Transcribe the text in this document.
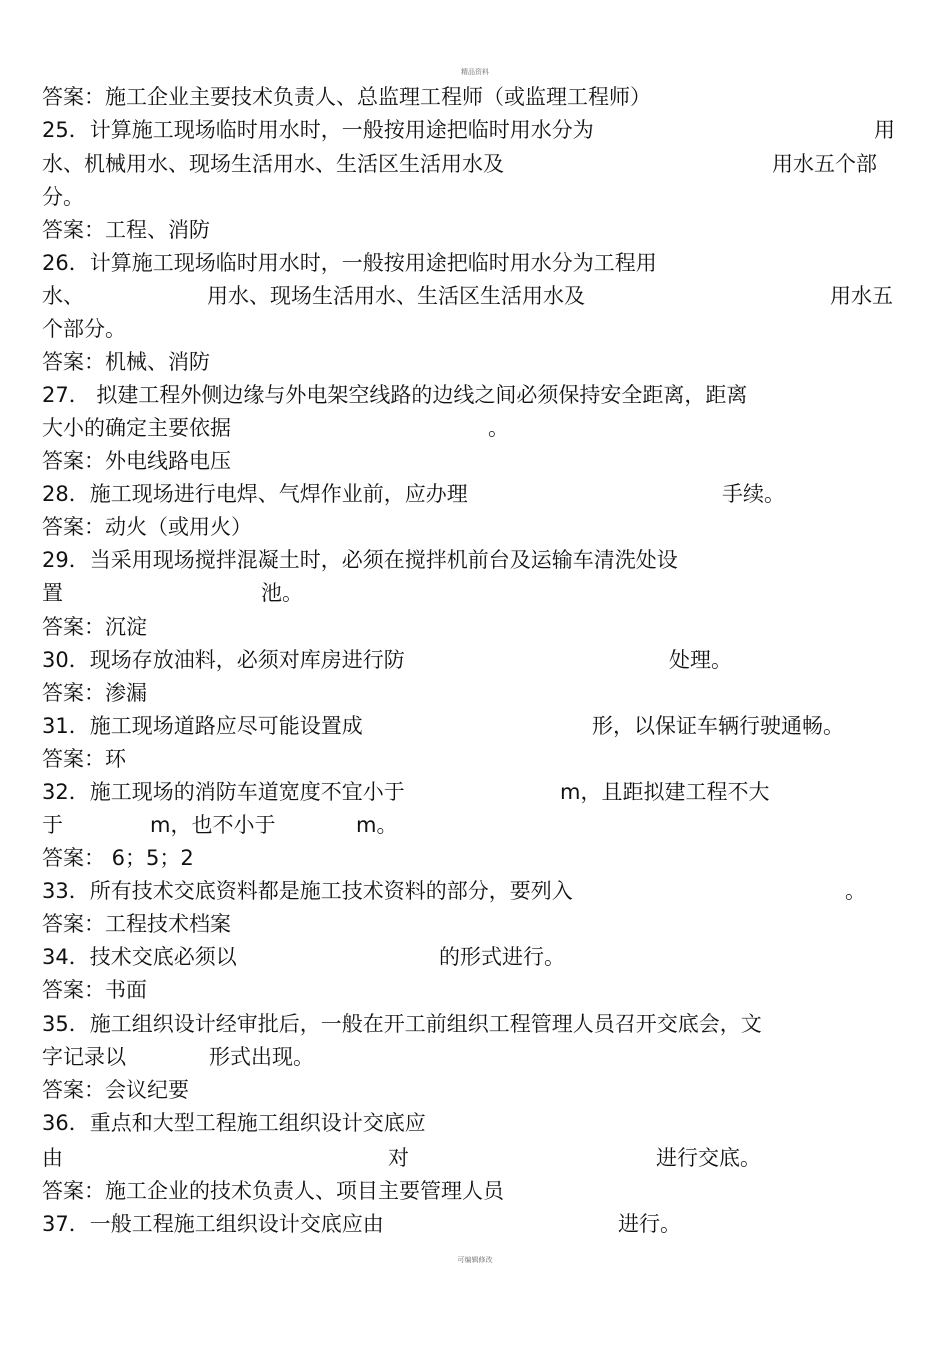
精品资料
答案：施工企业主要技术负责人、总监理工程师（或监理工程师）
25．计算施工现场临时用水时，一般按用途把临时用水分为	用
水、机械用水、现场生活用水、生活区生活用水及	用水五个部
分。
答案：工程、消防
26．计算施工现场临时用水时，一般按用途把临时用水分为工程用
水、	用水、现场生活用水、生活区生活用水及	用水五
个部分。
答案：机械、消防
27． 拟建工程外侧边缘与外电架空线路的边线之间必须保持安全距离，距离
大小的确定主要依据	。
答案：外电线路电压
28．施工现场进行电焊、气焊作业前，应办理	手续。
答案：动火（或用火）
29．当采用现场搅拌混凝土时，必须在搅拌机前台及运输车清洗处设
置	池。
答案：沉淀
30．现场存放油料，必须对库房进行防	处理。
答案：渗漏
31．施工现场道路应尽可能设置成	形，以保证车辆行驶通畅。
答案：环
32．施工现场的消防车道宽度不宜小于	m，且距拟建工程不大
于	m，也不小于	m。
答案： 6；5；2
33．所有技术交底资料都是施工技术资料的部分，要列入	。
答案：工程技术档案
34．技术交底必须以	的形式进行。
答案：书面
35．施工组织设计经审批后，一般在开工前组织工程管理人员召开交底会，文
字记录以	形式出现。
答案：会议纪要
36．重点和大型工程施工组织设计交底应
由	对	进行交底。
答案：施工企业的技术负责人、项目主要管理人员
37．一般工程施工组织设计交底应由	进行。
可编辑修改
